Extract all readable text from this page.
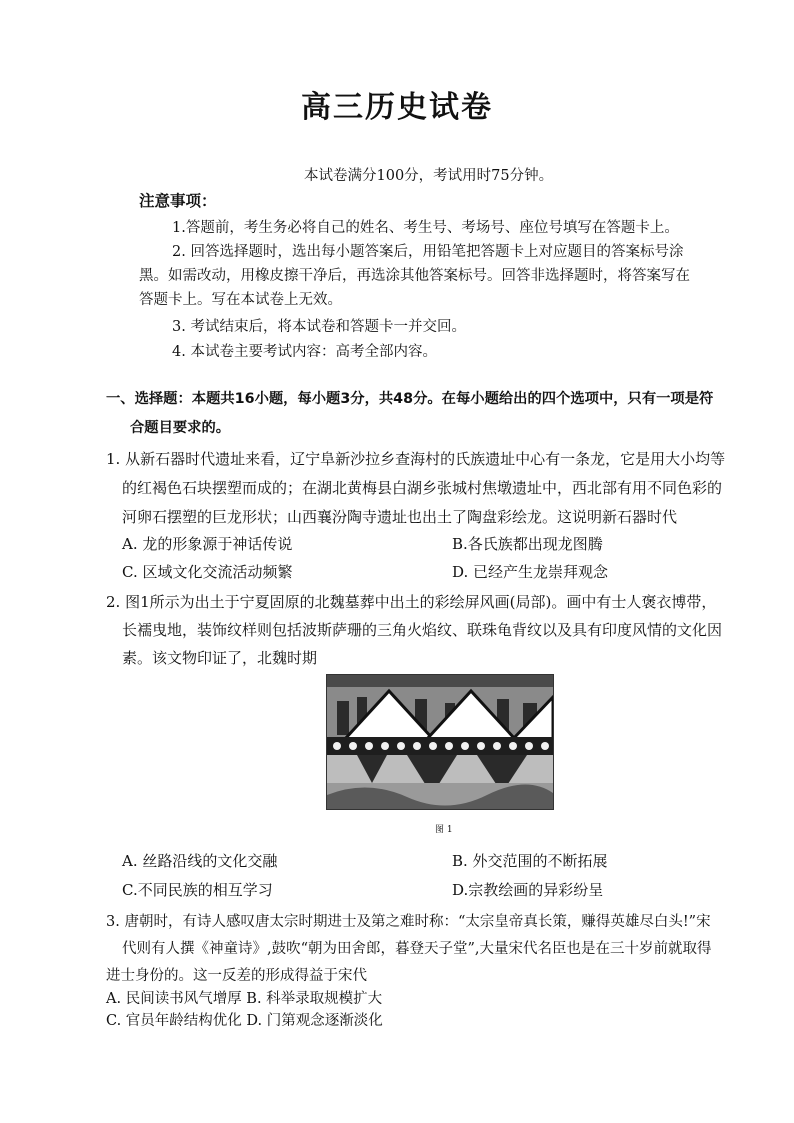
高三历史试卷
本试卷满分100分，考试用时75分钟。
注意事项：
1.答题前，考生务必将自己的姓名、考生号、考场号、座位号填写在答题卡上。
2. 回答选择题时，选出每小题答案后，用铅笔把答题卡上对应题目的答案标号涂
黑。如需改动，用橡皮擦干净后，再选涂其他答案标号。回答非选择题时，将答案写在
答题卡上。写在本试卷上无效。
3. 考试结束后，将本试卷和答题卡一并交回。
4. 本试卷主要考试内容：高考全部内容。
一、选择题：本题共16小题，每小题3分，共48分。在每小题给出的四个选项中，只有一项是符
合题目要求的。
1. 从新石器时代遗址来看，辽宁阜新沙拉乡查海村的氏族遗址中心有一条龙，它是用大小均等
的红褐色石块摆塑而成的；在湖北黄梅县白湖乡张城村焦墩遗址中，西北部有用不同色彩的
河卵石摆塑的巨龙形状；山西襄汾陶寺遗址也出土了陶盘彩绘龙。这说明新石器时代
A. 龙的形象源于神话传说	B.各氏族都出现龙图腾
C. 区域文化交流活动频繁	D. 已经产生龙崇拜观念
2. 图1所示为出土于宁夏固原的北魏墓葬中出土的彩绘屏风画(局部)。画中有士人褒衣博带，
长襦曳地，装饰纹样则包括波斯萨珊的三角火焰纹、联珠龟背纹以及具有印度风情的文化因
素。该文物印证了，北魏时期
图 1
A. 丝路沿线的文化交融	B. 外交范围的不断拓展
C.不同民族的相互学习	D.宗教绘画的异彩纷呈
3. 唐朝时，有诗人感叹唐太宗时期进士及第之难时称：“太宗皇帝真长策，赚得英雄尽白头!”宋
代则有人撰《神童诗》,鼓吹“朝为田舍郎，暮登天子堂”,大量宋代名臣也是在三十岁前就取得
进士身份的。这一反差的形成得益于宋代
A. 民间读书风气增厚 B. 科举录取规模扩大
C. 官员年龄结构优化 D. 门第观念逐渐淡化
